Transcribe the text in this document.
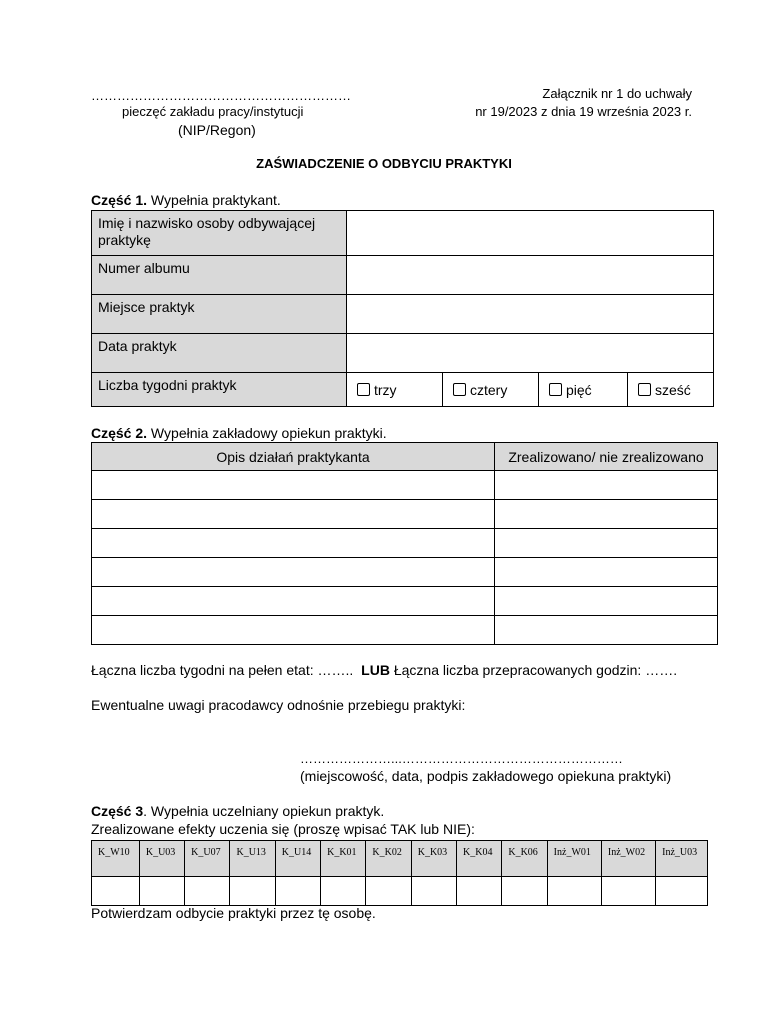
……………………………………………………
pieczęć zakładu pracy/instytucji
(NIP/Regon)
Załącznik nr 1 do uchwały
nr 19/2023 z dnia 19 września 2023 r.
ZAŚWIADCZENIE O ODBYCIU PRAKTYKI
Część 1. Wypełnia praktykant.
Imię i nazwisko osoby odbywającej praktykę				
Numer albumu				
Miejsce praktyk				
Data praktyk				
Liczba tygodni praktyk	trzy	cztery	pięć	sześć
Część 2. Wypełnia zakładowy opiekun praktyki.
Opis działań praktykanta	Zrealizowano/ nie zrealizowano

Łączna liczba tygodni na pełen etat: …….. LUB Łączna liczba przepracowanych godzin: …….
Ewentualne uwagi pracodawcy odnośnie przebiegu praktyki:
…………………...……………………………………………
(miejscowość, data, podpis zakładowego opiekuna praktyki)
Część 3. Wypełnia uczelniany opiekun praktyk.
Zrealizowane efekty uczenia się (proszę wpisać TAK lub NIE):
K_W10	K_U03	K_U07	K_U13	K_U14	K_K01	K_K02	K_K03	K_K04	K_K06	Inż_W01	Inż_W02	Inż_U03

Potwierdzam odbycie praktyki przez tę osobę.
